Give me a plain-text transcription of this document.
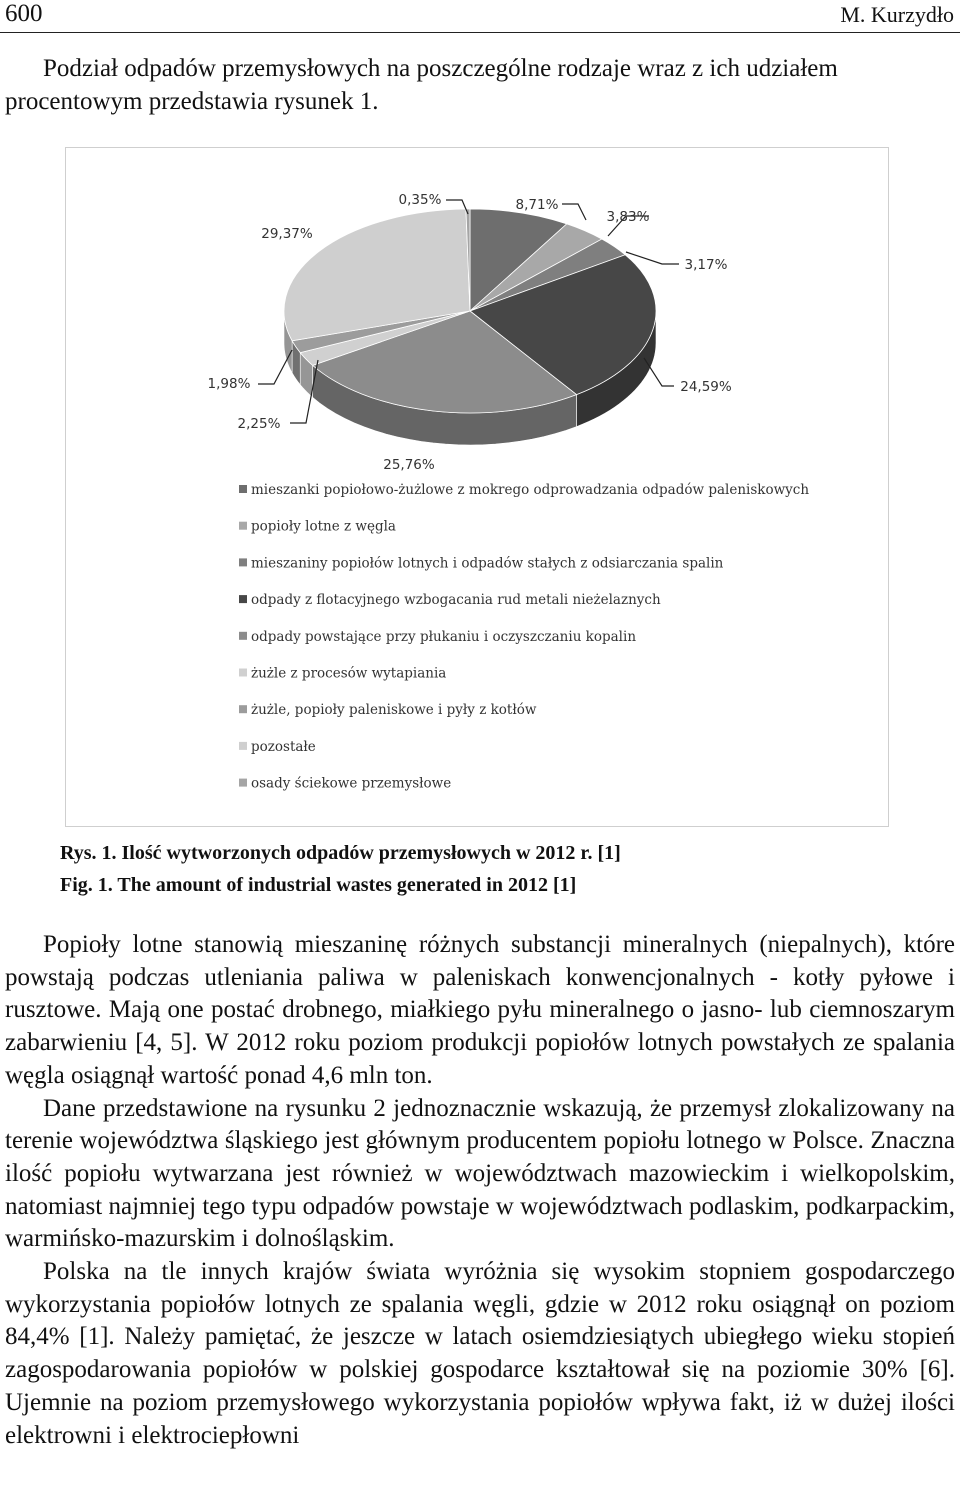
600	M. Kurzydło

Podział odpadów przemysłowych na poszczególne rodzaje wraz z ich udziałem procentowym przedstawia rysunek 1.

8,71%
3,83%
3,17%
24,59%
25,76%
2,25%
1,98%
29,37%
0,35%
mieszanki popiołowo-żużlowe z mokrego odprowadzania odpadów paleniskowych
popioły lotne z węgla
mieszaniny popiołów lotnych i odpadów stałych z odsiarczania spalin
odpady z flotacyjnego wzbogacania rud metali nieżelaznych
odpady powstające przy płukaniu i oczyszczaniu kopalin
żużle z procesów wytapiania
żużle, popioły paleniskowe i pyły z kotłów
pozostałe
osady ściekowe przemysłowe

Rys. 1. Ilość wytworzonych odpadów przemysłowych w 2012 r. [1]

Fig. 1. The amount of industrial wastes generated in 2012 [1]

Popioły lotne stanowią mieszaninę różnych substancji mineralnych (niepalnych), które powstają podczas utleniania paliwa w paleniskach konwencjonalnych - kotły pyłowe i rusztowe. Mają one postać drobnego, miałkiego pyłu mineralnego o jasno- lub ciemnoszarym zabarwieniu [4, 5]. W 2012 roku poziom produkcji popiołów lotnych powstałych ze spalania węgla osiągnął wartość ponad 4,6 mln ton.

Dane przedstawione na rysunku 2 jednoznacznie wskazują, że przemysł zlokalizowany na terenie województwa śląskiego jest głównym producentem popiołu lotnego w Polsce. Znaczna ilość popiołu wytwarzana jest również w województwach mazowieckim i wielkopolskim, natomiast najmniej tego typu odpadów powstaje w województwach podlaskim, podkarpackim, warmińsko-mazurskim i dolnośląskim.

Polska na tle innych krajów świata wyróżnia się wysokim stopniem gospodarczego wykorzystania popiołów lotnych ze spalania węgli, gdzie w 2012 roku osiągnął on poziom 84,4% [1]. Należy pamiętać, że jeszcze w latach osiemdziesiątych ubiegłego wieku stopień zagospodarowania popiołów w polskiej gospodarce kształtował się na poziomie 30% [6]. Ujemnie na poziom przemysłowego wykorzystania popiołów wpływa fakt, iż w dużej ilości elektrowni i elektrociepłowni
